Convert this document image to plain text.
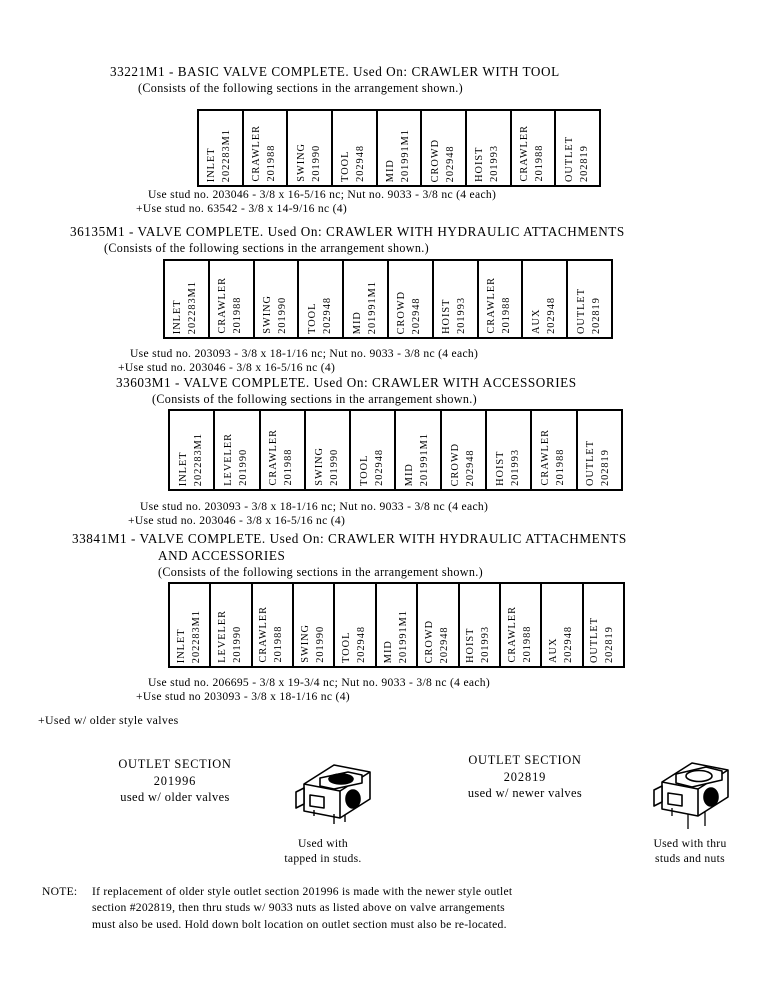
33221M1 - BASIC VALVE COMPLETE. Used On: CRAWLER WITH TOOL
(Consists of the following sections in the arrangement shown.)
INLET 202283M1 CRAWLER 201988 SWING 201990 TOOL 202948 MID 201991M1 CROWD 202948 HOIST 201993 CRAWLER 201988 OUTLET 202819
Use stud no. 203046 - 3/8 x 16-5/16 nc; Nut no. 9033 - 3/8 nc (4 each)
+Use stud no. 63542 - 3/8 x 14-9/16 nc (4)
36135M1 - VALVE COMPLETE. Used On: CRAWLER WITH HYDRAULIC ATTACHMENTS
(Consists of the following sections in the arrangement shown.)
INLET 202283M1 CRAWLER 201988 SWING 201990 TOOL 202948 MID 201991M1 CROWD 202948 HOIST 201993 CRAWLER 201988 AUX 202948 OUTLET 202819
Use stud no. 203093 - 3/8 x 18-1/16 nc; Nut no. 9033 - 3/8 nc (4 each)
+Use stud no. 203046 - 3/8 x 16-5/16 nc (4)
33603M1 - VALVE COMPLETE. Used On: CRAWLER WITH ACCESSORIES
(Consists of the following sections in the arrangement shown.)
INLET 202283M1 LEVELER 201990 CRAWLER 201988 SWING 201990 TOOL 202948 MID 201991M1 CROWD 202948 HOIST 201993 CRAWLER 201988 OUTLET 202819
Use stud no. 203093 - 3/8 x 18-1/16 nc; Nut no. 9033 - 3/8 nc (4 each)
+Use stud no. 203046 - 3/8 x 16-5/16 nc (4)
33841M1 - VALVE COMPLETE. Used On: CRAWLER WITH HYDRAULIC ATTACHMENTS
AND ACCESSORIES
(Consists of the following sections in the arrangement shown.)
INLET 202283M1 LEVELER 201990 CRAWLER 201988 SWING 201990 TOOL 202948 MID 201991M1 CROWD 202948 HOIST 201993 CRAWLER 201988 AUX 202948 OUTLET 202819
Use stud no. 206695 - 3/8 x 19-3/4 nc; Nut no. 9033 - 3/8 nc (4 each)
+Use stud no 203093 - 3/8 x 18-1/16 nc (4)
+Used w/ older style valves
OUTLET SECTION
201996
used w/ older valves
OUTLET SECTION
202819
used w/ newer valves
Used with
tapped in studs.
Used with thru
studs and nuts
NOTE: If replacement of older style outlet section 201996 is made with the newer style outlet
section #202819, then thru studs w/ 9033 nuts as listed above on valve arrangements
must also be used. Hold down bolt location on outlet section must also be re-located.
